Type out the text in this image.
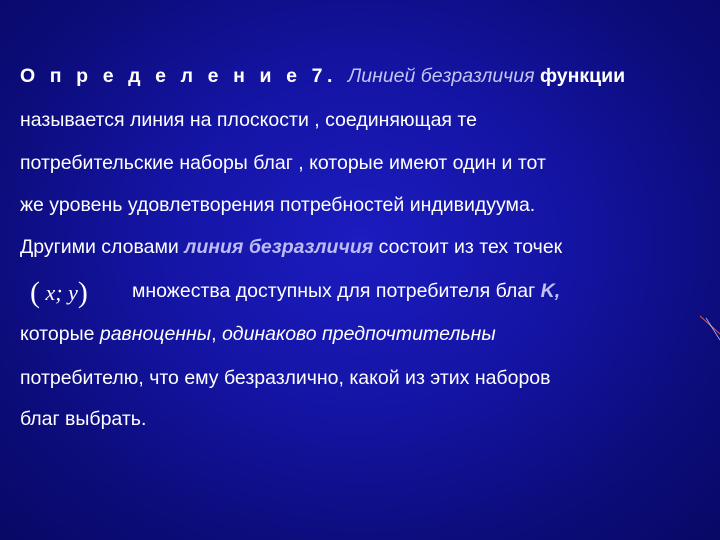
О п р е д е л е н и е 7. Линией безразличия функции
называется линия на плоскости , соединяющая те
потребительские наборы благ , которые имеют один и тот
же уровень удовлетворения потребностей индивидуума.
Другими словами линия безразличия состоит из тех точек
( x; y) множества доступных для потребителя благ K,
которые равноценны, одинаково предпочтительны
потребителю, что ему безразлично, какой из этих наборов
благ выбрать.
